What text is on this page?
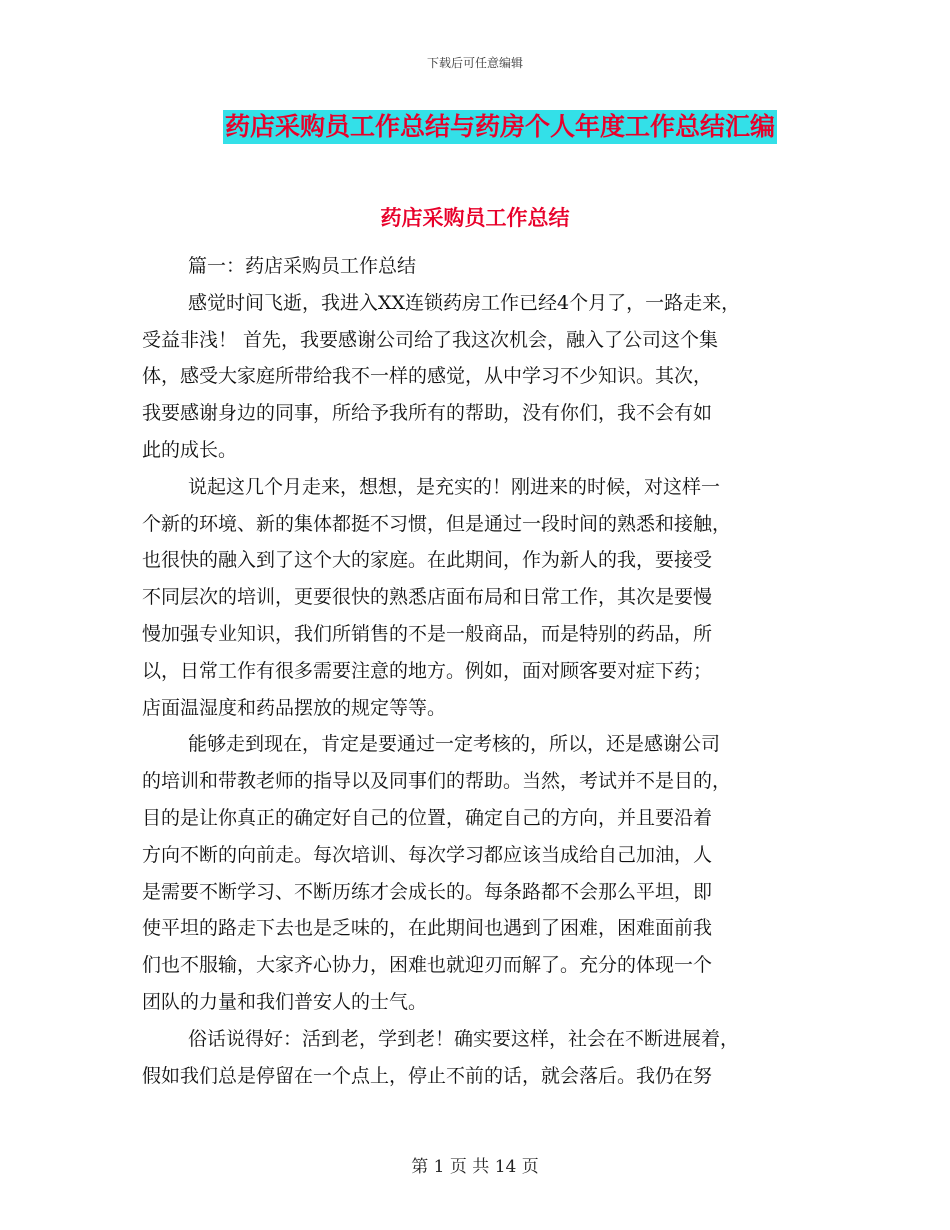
下载后可任意编辑
药店采购员工作总结与药房个人年度工作总结汇编
药店采购员工作总结
篇一：药店采购员工作总结
感觉时间飞逝，我进入XX连锁药房工作已经4个月了，一路走来，
受益非浅！ 首先，我要感谢公司给了我这次机会，融入了公司这个集
体，感受大家庭所带给我不一样的感觉，从中学习不少知识。其次，
我要感谢身边的同事，所给予我所有的帮助，没有你们，我不会有如
此的成长。
说起这几个月走来，想想，是充实的！刚进来的时候，对这样一
个新的环境、新的集体都挺不习惯，但是通过一段时间的熟悉和接触，
也很快的融入到了这个大的家庭。在此期间，作为新人的我，要接受
不同层次的培训，更要很快的熟悉店面布局和日常工作，其次是要慢
慢加强专业知识，我们所销售的不是一般商品，而是特别的药品，所
以，日常工作有很多需要注意的地方。例如，面对顾客要对症下药；
店面温湿度和药品摆放的规定等等。
能够走到现在，肯定是要通过一定考核的，所以，还是感谢公司
的培训和带教老师的指导以及同事们的帮助。当然，考试并不是目的，
目的是让你真正的确定好自己的位置，确定自己的方向，并且要沿着
方向不断的向前走。每次培训、每次学习都应该当成给自己加油，人
是需要不断学习、不断历练才会成长的。每条路都不会那么平坦，即
使平坦的路走下去也是乏味的，在此期间也遇到了困难，困难面前我
们也不服输，大家齐心协力，困难也就迎刃而解了。充分的体现一个
团队的力量和我们普安人的士气。
俗话说得好：活到老，学到老！确实要这样，社会在不断进展着，
假如我们总是停留在一个点上，停止不前的话，就会落后。我仍在努
第 1 页 共 14 页
